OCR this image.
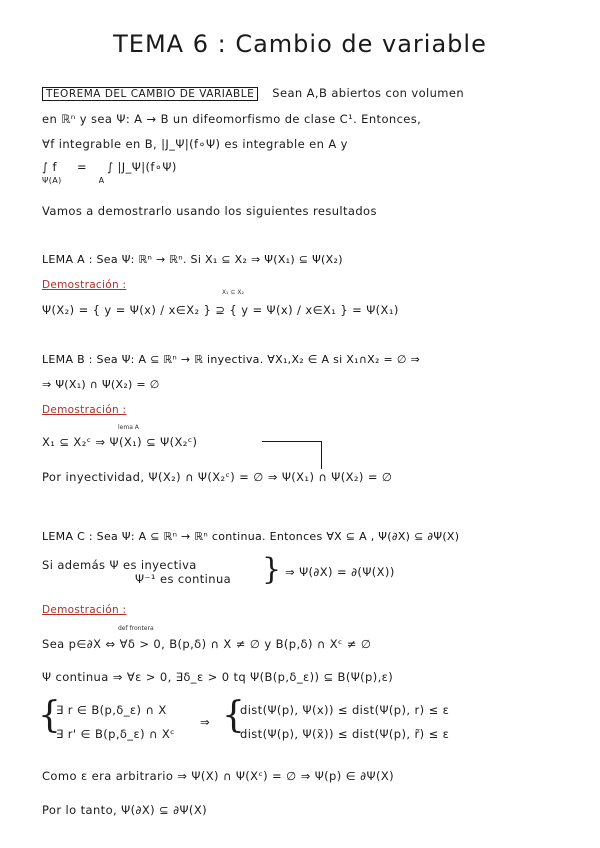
TEMA 6 : Cambio de variable
TEOREMA DEL CAMBIO DE VARIABLE Sean A,B abiertos con volumen
en ℝⁿ y sea Ψ: A → B un difeomorfismo de clase C¹. Entonces,
∀f integrable en B, |J_Ψ|(f∘Ψ) es integrable en A y
∫ f = ∫ |J_Ψ|(f∘Ψ)
Ψ(A)	A
Vamos a demostrarlo usando los siguientes resultados
LEMA A : Sea Ψ: ℝⁿ → ℝⁿ. Si X₁ ⊆ X₂ ⇒ Ψ(X₁) ⊆ Ψ(X₂)
Demostración :
X₁ ⊆ X₂
Ψ(X₂) = { y = Ψ(x) / x∈X₂ } ⊇ { y = Ψ(x) / x∈X₁ } = Ψ(X₁)
LEMA B : Sea Ψ: A ⊆ ℝⁿ → ℝ inyectiva. ∀X₁,X₂ ∈ A si X₁∩X₂ = ∅ ⇒
⇒ Ψ(X₁) ∩ Ψ(X₂) = ∅
Demostración :
lema A
X₁ ⊆ X₂ᶜ ⇒ Ψ(X₁) ⊆ Ψ(X₂ᶜ)
Por inyectividad, Ψ(X₂) ∩ Ψ(X₂ᶜ) = ∅ ⇒ Ψ(X₁) ∩ Ψ(X₂) = ∅
LEMA C : Sea Ψ: A ⊆ ℝⁿ → ℝⁿ continua. Entonces ∀X ⊆ A , Ψ(∂X) ⊆ ∂Ψ(X)
Si además Ψ es inyectiva
Ψ⁻¹ es continua } ⇒ Ψ(∂X) = ∂(Ψ(X))
Demostración :
def frontera
Sea p∈∂X ⇔ ∀δ > 0, B(p,δ) ∩ X ≠ ∅ y B(p,δ) ∩ Xᶜ ≠ ∅
Ψ continua ⇒ ∀ε > 0, ∃δ_ε > 0 tq Ψ(B(p,δ_ε)) ⊆ B(Ψ(p),ε)
{
∃ r ∈ B(p,δ_ε) ∩ X
∃ r' ∈ B(p,δ_ε) ∩ Xᶜ
⇒ {
dist(Ψ(p), Ψ(x)) ≤ dist(Ψ(p), r) ≤ ε
dist(Ψ(p), Ψ(x̃)) ≤ dist(Ψ(p), r̃) ≤ ε
Como ε era arbitrario ⇒ Ψ(X) ∩ Ψ(Xᶜ) = ∅ ⇒ Ψ(p) ∈ ∂Ψ(X)
Por lo tanto, Ψ(∂X) ⊆ ∂Ψ(X)
